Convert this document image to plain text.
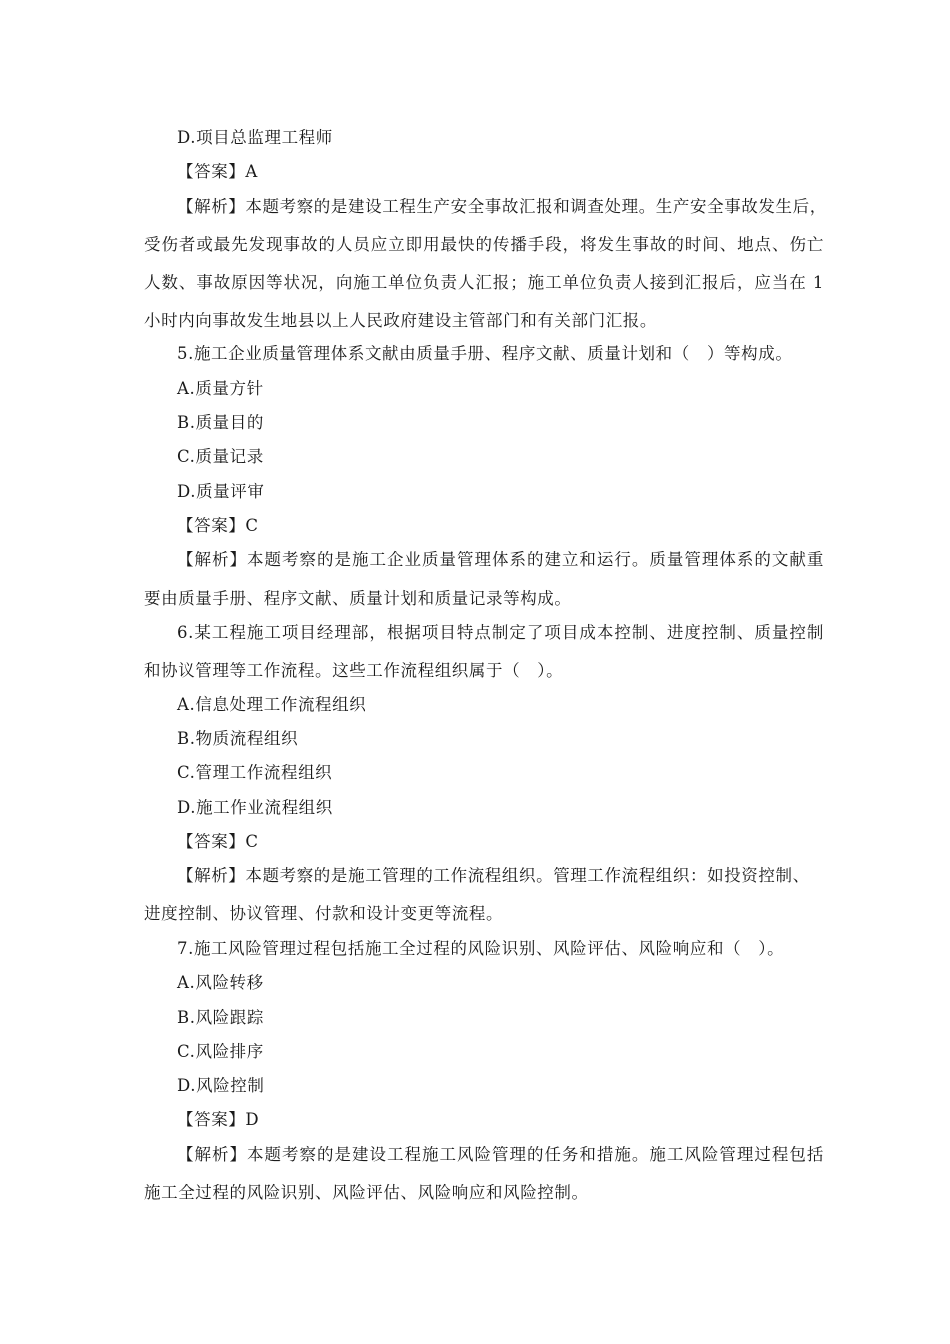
D.项目总监理工程师
【答案】A
【解析】本题考察的是建设工程生产安全事故汇报和调查处理。生产安全事故发生后，
受伤者或最先发现事故的人员应立即用最快的传播手段，将发生事故的时间、地点、伤亡
人数、事故原因等状况，向施工单位负责人汇报；施工单位负责人接到汇报后，应当在 1
小时内向事故发生地县以上人民政府建设主管部门和有关部门汇报。
5.施工企业质量管理体系文献由质量手册、程序文献、质量计划和（　）等构成。
A.质量方针
B.质量目的
C.质量记录
D.质量评审
【答案】C
【解析】本题考察的是施工企业质量管理体系的建立和运行。质量管理体系的文献重
要由质量手册、程序文献、质量计划和质量记录等构成。
6.某工程施工项目经理部，根据项目特点制定了项目成本控制、进度控制、质量控制
和协议管理等工作流程。这些工作流程组织属于（　）。
A.信息处理工作流程组织
B.物质流程组织
C.管理工作流程组织
D.施工作业流程组织
【答案】C
【解析】本题考察的是施工管理的工作流程组织。管理工作流程组织：如投资控制、
进度控制、协议管理、付款和设计变更等流程。
7.施工风险管理过程包括施工全过程的风险识别、风险评估、风险响应和（　）。
A.风险转移
B.风险跟踪
C.风险排序
D.风险控制
【答案】D
【解析】本题考察的是建设工程施工风险管理的任务和措施。施工风险管理过程包括
施工全过程的风险识别、风险评估、风险响应和风险控制。
